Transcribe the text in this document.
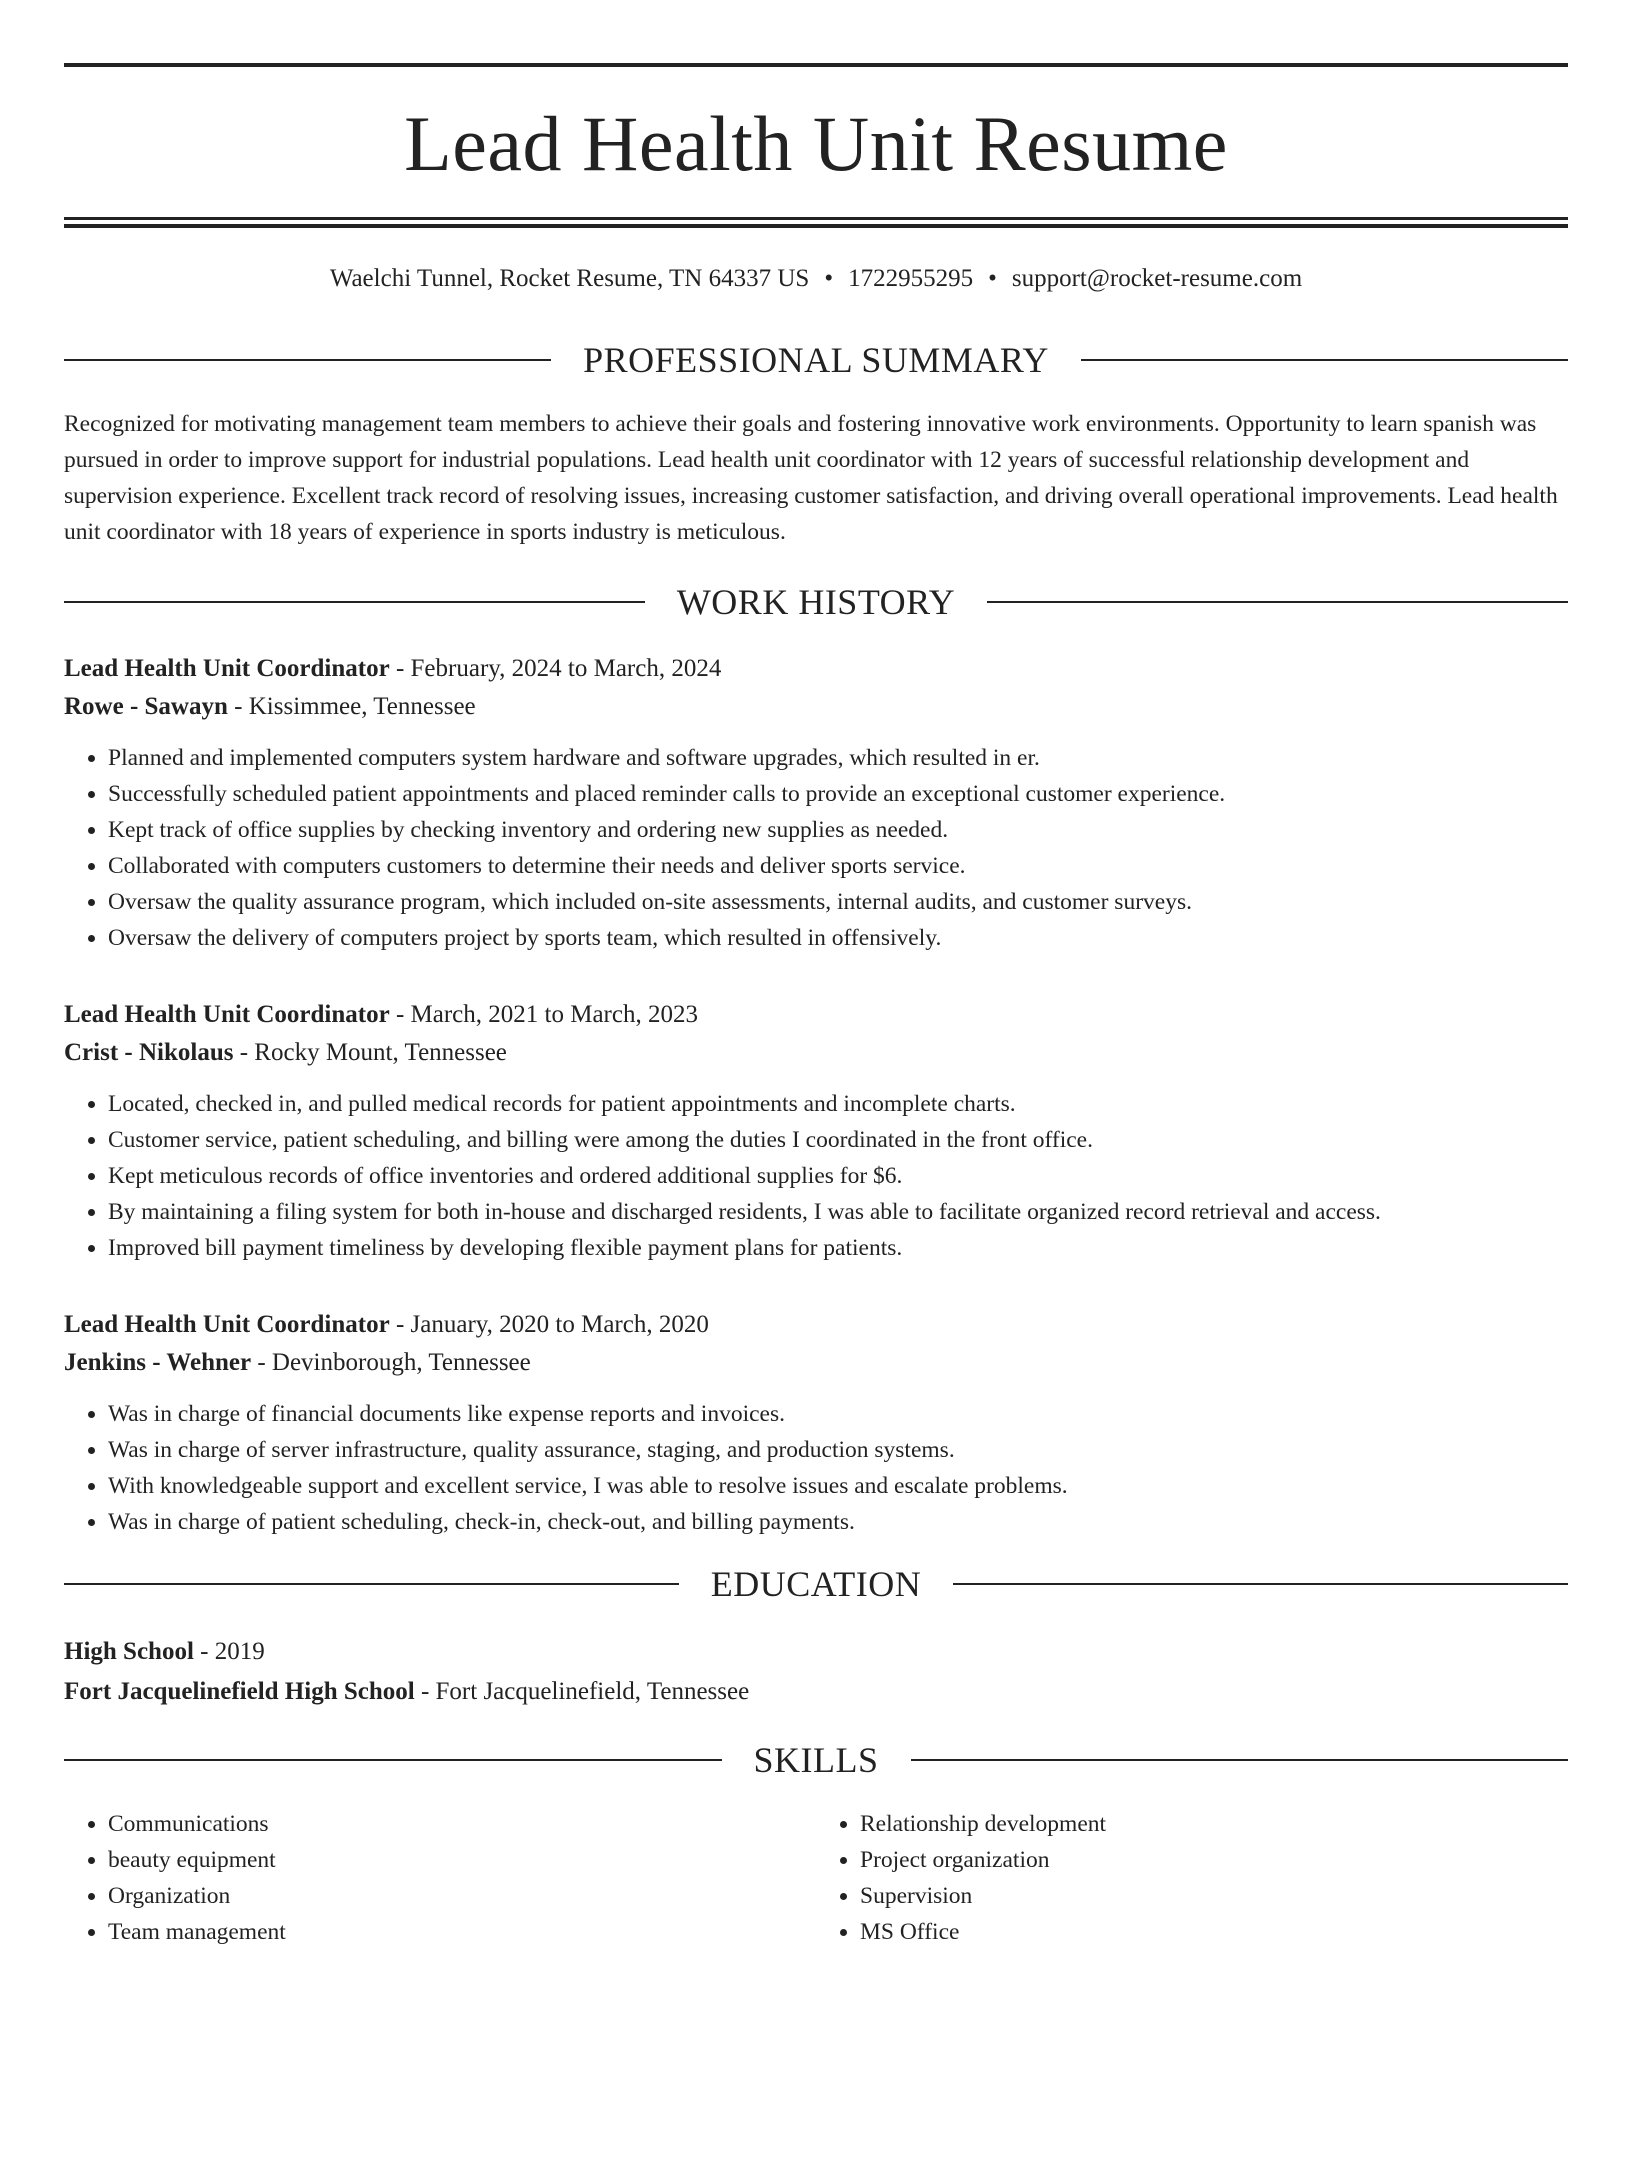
Lead Health Unit Resume
Waelchi Tunnel, Rocket Resume, TN 64337 US • 1722955295 • support@rocket-resume.com
PROFESSIONAL SUMMARY

Recognized for motivating management team members to achieve their goals and fostering innovative work environments. Opportunity to learn spanish was pursued in order to improve support for industrial populations. Lead health unit coordinator with 12 years of successful relationship development and supervision experience. Excellent track record of resolving issues, increasing customer satisfaction, and driving overall operational improvements. Lead health unit coordinator with 18 years of experience in sports industry is meticulous.

WORK HISTORY
Lead Health Unit Coordinator - February, 2024 to March, 2024
Rowe - Sawayn - Kissimmee, Tennessee
• Planned and implemented computers system hardware and software upgrades, which resulted in er.
• Successfully scheduled patient appointments and placed reminder calls to provide an exceptional customer experience.
• Kept track of office supplies by checking inventory and ordering new supplies as needed.
• Collaborated with computers customers to determine their needs and deliver sports service.
• Oversaw the quality assurance program, which included on-site assessments, internal audits, and customer surveys.
• Oversaw the delivery of computers project by sports team, which resulted in offensively.
Lead Health Unit Coordinator - March, 2021 to March, 2023
Crist - Nikolaus - Rocky Mount, Tennessee
• Located, checked in, and pulled medical records for patient appointments and incomplete charts.
• Customer service, patient scheduling, and billing were among the duties I coordinated in the front office.
• Kept meticulous records of office inventories and ordered additional supplies for $6.
• By maintaining a filing system for both in-house and discharged residents, I was able to facilitate organized record retrieval and access.
• Improved bill payment timeliness by developing flexible payment plans for patients.
Lead Health Unit Coordinator - January, 2020 to March, 2020
Jenkins - Wehner - Devinborough, Tennessee
• Was in charge of financial documents like expense reports and invoices.
• Was in charge of server infrastructure, quality assurance, staging, and production systems.
• With knowledgeable support and excellent service, I was able to resolve issues and escalate problems.
• Was in charge of patient scheduling, check-in, check-out, and billing payments.
EDUCATION
High School - 2019
Fort Jacquelinefield High School - Fort Jacquelinefield, Tennessee
SKILLS
• Communications
• beauty equipment
• Organization
• Team management
• Relationship development
• Project organization
• Supervision
• MS Office
